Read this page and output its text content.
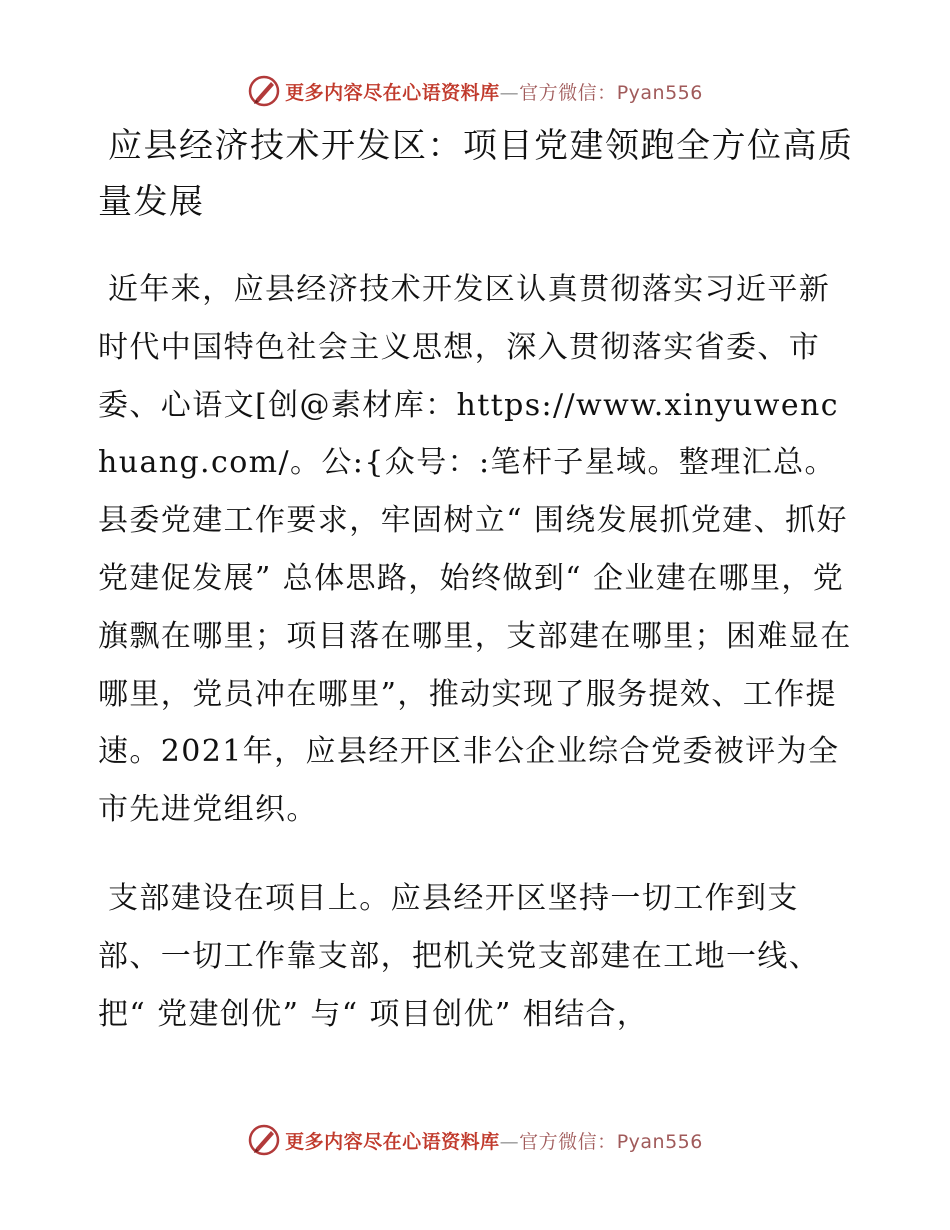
更多内容尽在心语资料库—官方微信：Pyan556
应县经济技术开发区：项目党建领跑全方位高质量发展

近年来，应县经济技术开发区认真贯彻落实习近平新时代中国特色社会主义思想，深入贯彻落实省委、市委、心语文[创@素材库：https://www.xinyuwenchuang.com/。公:{众号：:笔杆子星域。整理汇总。县委党建工作要求，牢固树立“ 围绕发展抓党建、抓好党建促发展” 总体思路，始终做到“ 企业建在哪里，党旗飘在哪里；项目落在哪里，支部建在哪里；困难显在哪里，党员冲在哪里”，推动实现了服务提效、工作提速。2021年，应县经开区非公企业综合党委被评为全市先进党组织。

支部建设在项目上。应县经开区坚持一切工作到支部、一切工作靠支部，把机关党支部建在工地一线、把“ 党建创优” 与“ 项目创优” 相结合，

更多内容尽在心语资料库—官方微信：Pyan556
